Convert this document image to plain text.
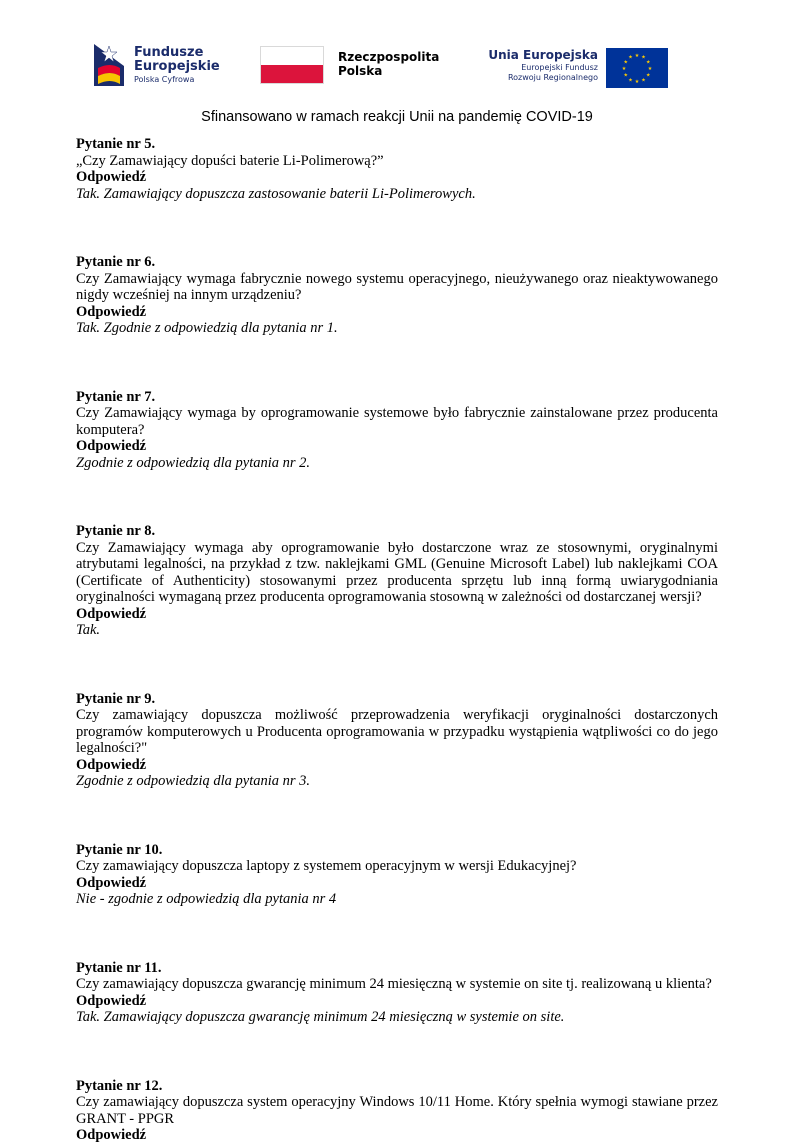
Fundusze
Europejskie
Polska Cyfrowa
Rzeczpospolita
Polska
Unia Europejska
Europejski Fundusz
Rozwoju Regionalnego
★ ★
★
★
★
★
★
★
★
★
★
★
Sfinansowano w ramach reakcji Unii na pandemię COVID-19
Pytanie nr 5.
„Czy Zamawiający dopuści baterie Li-Polimerową?”
Odpowiedź
Tak. Zamawiający dopuszcza zastosowanie baterii Li-Polimerowych.
Pytanie nr 6.
Czy Zamawiający wymaga fabrycznie nowego systemu operacyjnego, nieużywanego oraz nieaktywowanego nigdy wcześniej na innym urządzeniu?
Odpowiedź
Tak. Zgodnie z odpowiedzią dla pytania nr 1.
Pytanie nr 7.
Czy Zamawiający wymaga by oprogramowanie systemowe było fabrycznie zainstalowane przez producenta komputera?
Odpowiedź
Zgodnie z odpowiedzią dla pytania nr 2.
Pytanie nr 8.
Czy Zamawiający wymaga aby oprogramowanie było dostarczone wraz ze stosownymi, oryginalnymi atrybutami legalności, na przykład z tzw. naklejkami GML (Genuine Microsoft Label) lub naklejkami COA (Certificate of Authenticity) stosowanymi przez producenta sprzętu lub inną formą uwiarygodniania oryginalności wymaganą przez producenta oprogramowania stosowną w zależności od dostarczanej wersji?
Odpowiedź
Tak.
Pytanie nr 9.
Czy zamawiający dopuszcza możliwość przeprowadzenia weryfikacji oryginalności dostarczonych programów komputerowych u Producenta oprogramowania w przypadku wystąpienia wątpliwości co do jego legalności?"
Odpowiedź
Zgodnie z odpowiedzią dla pytania nr 3.
Pytanie nr 10.
Czy zamawiający dopuszcza laptopy z systemem operacyjnym w wersji Edukacyjnej?
Odpowiedź
Nie - zgodnie z odpowiedzią dla pytania nr 4
Pytanie nr 11.
Czy zamawiający dopuszcza gwarancję minimum 24 miesięczną w systemie on site tj. realizowaną u klienta?
Odpowiedź
Tak. Zamawiający dopuszcza gwarancję minimum 24 miesięczną w systemie on site.
Pytanie nr 12.
Czy zamawiający dopuszcza system operacyjny Windows 10/11 Home. Który spełnia wymogi stawiane przez GRANT - PPGR
Odpowiedź
